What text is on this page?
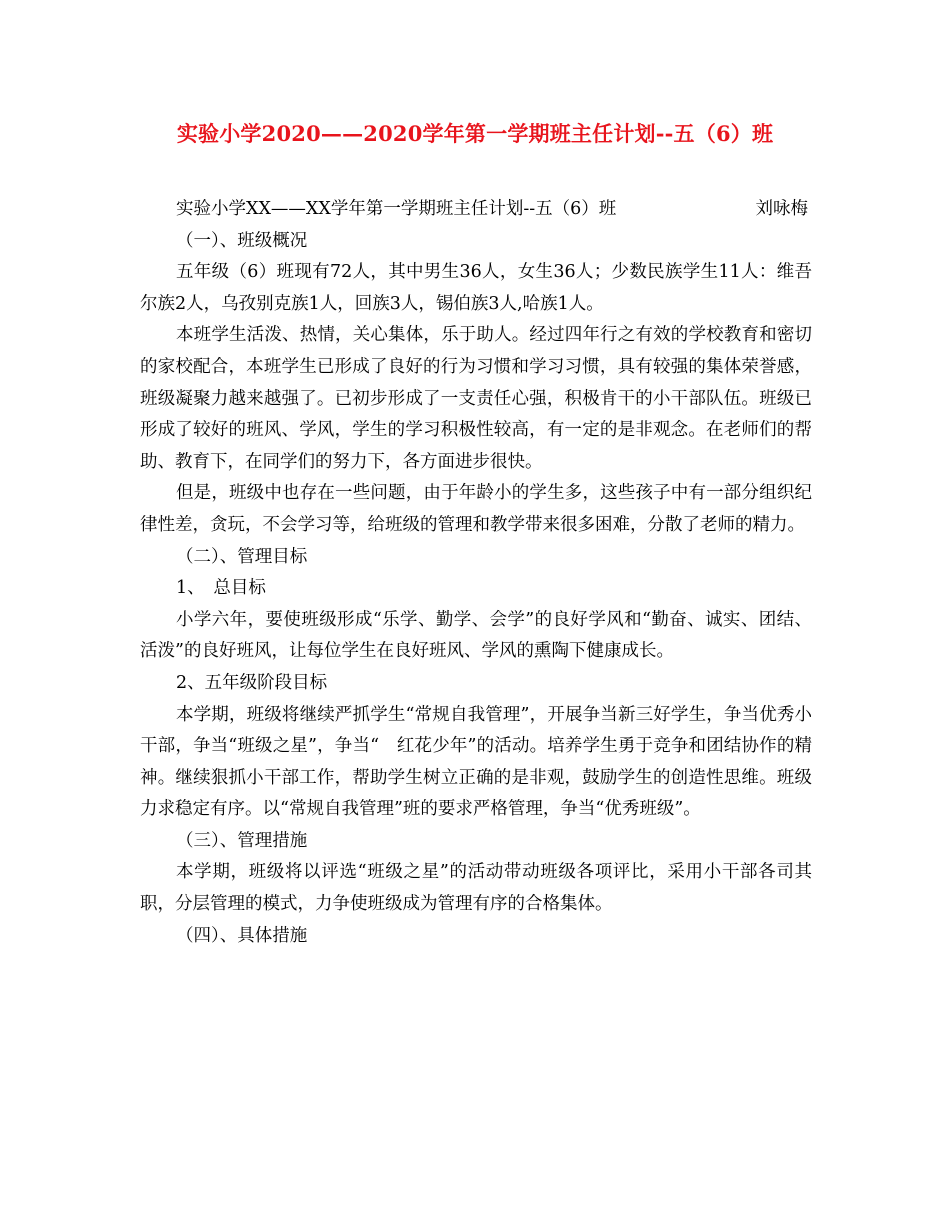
实验小学2020——2020学年第一学期班主任计划--五（6）班
实验小学XX——XX学年第一学期班主任计划--五（6）班	刘咏梅

（一）、班级概况

五年级（6）班现有72人，其中男生36人，女生36人；少数民族学生11人：维吾尔族2人，乌孜别克族1人，回族3人，锡伯族3人,哈族1人。

本班学生活泼、热情，关心集体，乐于助人。经过四年行之有效的学校教育和密切的家校配合，本班学生已形成了良好的行为习惯和学习习惯，具有较强的集体荣誉感，班级凝聚力越来越强了。已初步形成了一支责任心强，积极肯干的小干部队伍。班级已形成了较好的班风、学风，学生的学习积极性较高，有一定的是非观念。在老师们的帮助、教育下，在同学们的努力下，各方面进步很快。

但是，班级中也存在一些问题，由于年龄小的学生多，这些孩子中有一部分组织纪律性差，贪玩，不会学习等，给班级的管理和教学带来很多困难，分散了老师的精力。

（二）、管理目标

1、　总目标

小学六年，要使班级形成“乐学、勤学、会学”的良好学风和“勤奋、诚实、团结、活泼”的良好班风，让每位学生在良好班风、学风的熏陶下健康成长。

2、五年级阶段目标

本学期，班级将继续严抓学生“常规自我管理”，开展争当新三好学生，争当优秀小干部，争当“班级之星”，争当“　红花少年”的活动。培养学生勇于竞争和团结协作的精神。继续狠抓小干部工作，帮助学生树立正确的是非观，鼓励学生的创造性思维。班级力求稳定有序。以“常规自我管理”班的要求严格管理，争当“优秀班级”。

（三）、管理措施

本学期，班级将以评选“班级之星”的活动带动班级各项评比，采用小干部各司其职，分层管理的模式，力争使班级成为管理有序的合格集体。

（四）、具体措施
